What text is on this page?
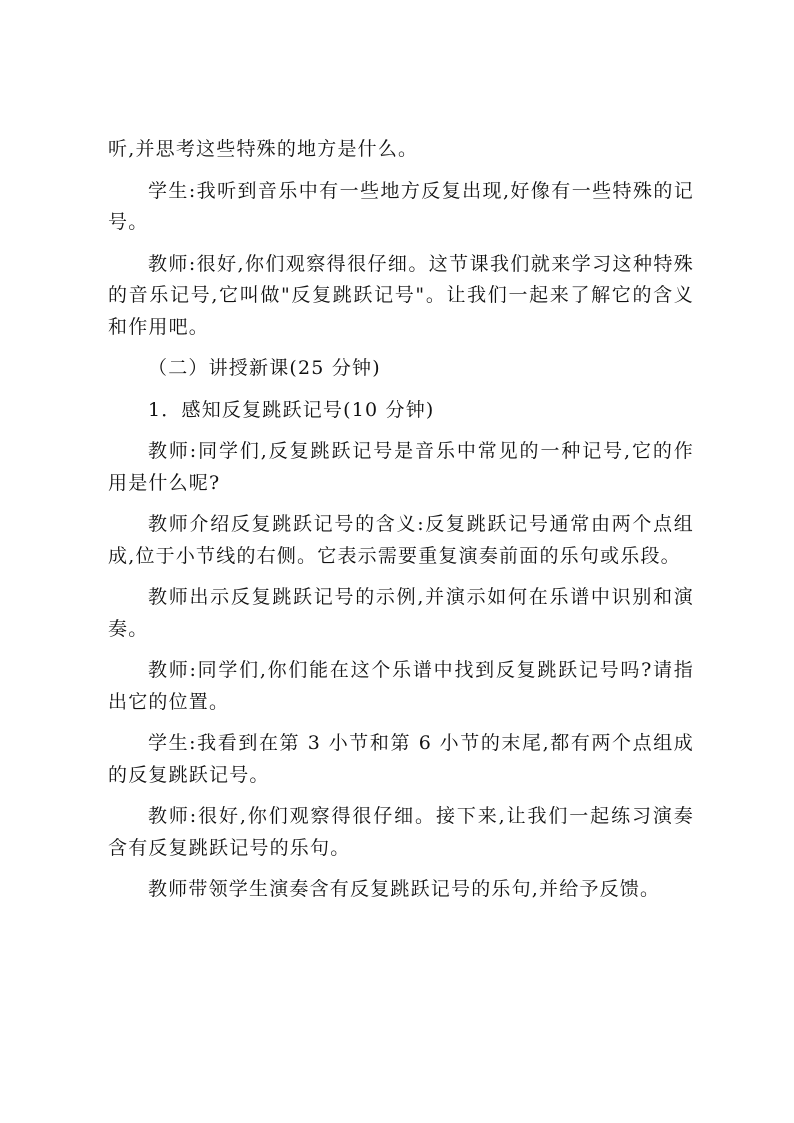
听,并思考这些特殊的地方是什么。

学生:我听到音乐中有一些地方反复出现,好像有一些特殊的记号。

教师:很好,你们观察得很仔细。这节课我们就来学习这种特殊的音乐记号,它叫做"反复跳跃记号"。让我们一起来了解它的含义和作用吧。

（二）讲授新课(25 分钟)

1．感知反复跳跃记号(10 分钟)

教师:同学们,反复跳跃记号是音乐中常见的一种记号,它的作用是什么呢?

教师介绍反复跳跃记号的含义:反复跳跃记号通常由两个点组成,位于小节线的右侧。它表示需要重复演奏前面的乐句或乐段。

教师出示反复跳跃记号的示例,并演示如何在乐谱中识别和演奏。

教师:同学们,你们能在这个乐谱中找到反复跳跃记号吗?请指出它的位置。

学生:我看到在第 3 小节和第 6 小节的末尾,都有两个点组成的反复跳跃记号。

教师:很好,你们观察得很仔细。接下来,让我们一起练习演奏含有反复跳跃记号的乐句。

教师带领学生演奏含有反复跳跃记号的乐句,并给予反馈。
